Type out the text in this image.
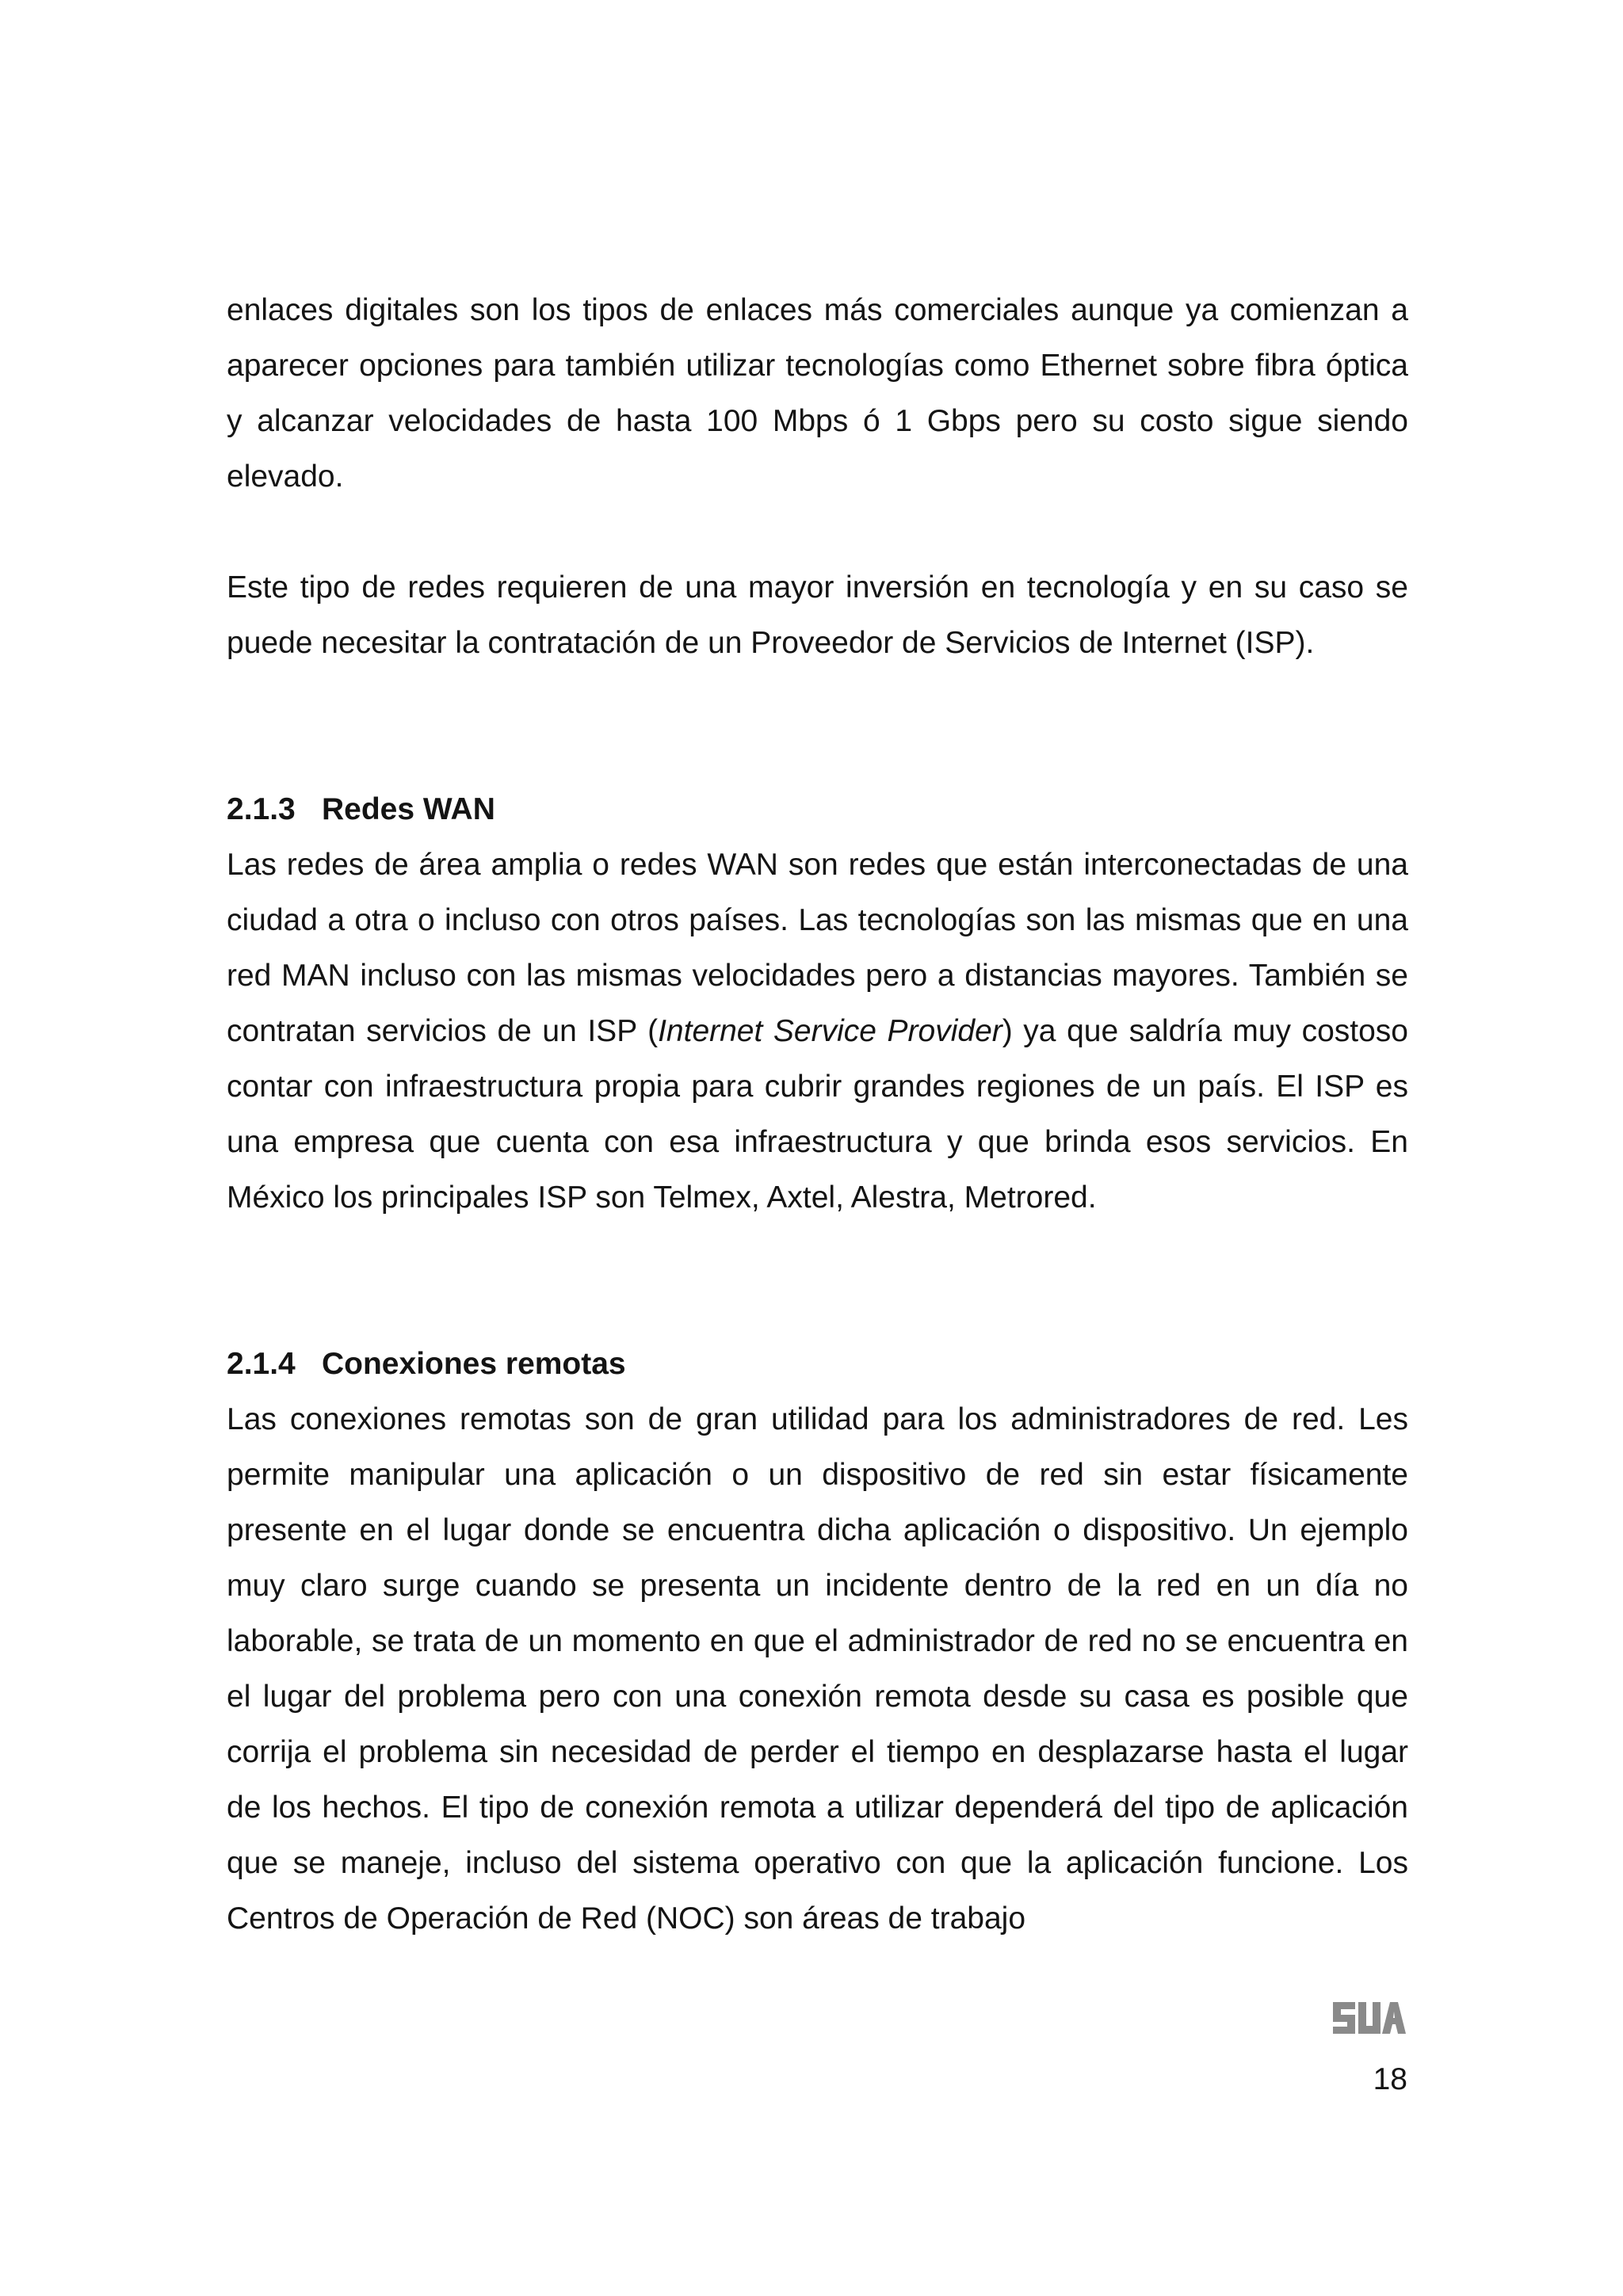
enlaces digitales son los tipos de enlaces más comerciales aunque ya comienzan a aparecer opciones para también utilizar tecnologías como Ethernet sobre fibra óptica y alcanzar velocidades de hasta 100 Mbps ó 1 Gbps pero su costo sigue siendo elevado.

Este tipo de redes requieren de una mayor inversión en tecnología y en su caso se puede necesitar la contratación de un Proveedor de Servicios de Internet (ISP).

2.1.3 Redes WAN

Las redes de área amplia o redes WAN son redes que están interconectadas de una ciudad a otra o incluso con otros países. Las tecnologías son las mismas que en una red MAN incluso con las mismas velocidades pero a distancias mayores. También se contratan servicios de un ISP (Internet Service Provider) ya que saldría muy costoso contar con infraestructura propia para cubrir grandes regiones de un país. El ISP es una empresa que cuenta con esa infraestructura y que brinda esos servicios. En México los principales ISP son Telmex, Axtel, Alestra, Metrored.

2.1.4 Conexiones remotas

Las conexiones remotas son de gran utilidad para los administradores de red. Les permite manipular una aplicación o un dispositivo de red sin estar físicamente presente en el lugar donde se encuentra dicha aplicación o dispositivo. Un ejemplo muy claro surge cuando se presenta un incidente dentro de la red en un día no laborable, se trata de un momento en que el administrador de red no se encuentra en el lugar del problema pero con una conexión remota desde su casa es posible que corrija el problema sin necesidad de perder el tiempo en desplazarse hasta el lugar de los hechos. El tipo de conexión remota a utilizar dependerá del tipo de aplicación que se maneje, incluso del sistema operativo con que la aplicación funcione. Los Centros de Operación de Red (NOC) son áreas de trabajo

18
